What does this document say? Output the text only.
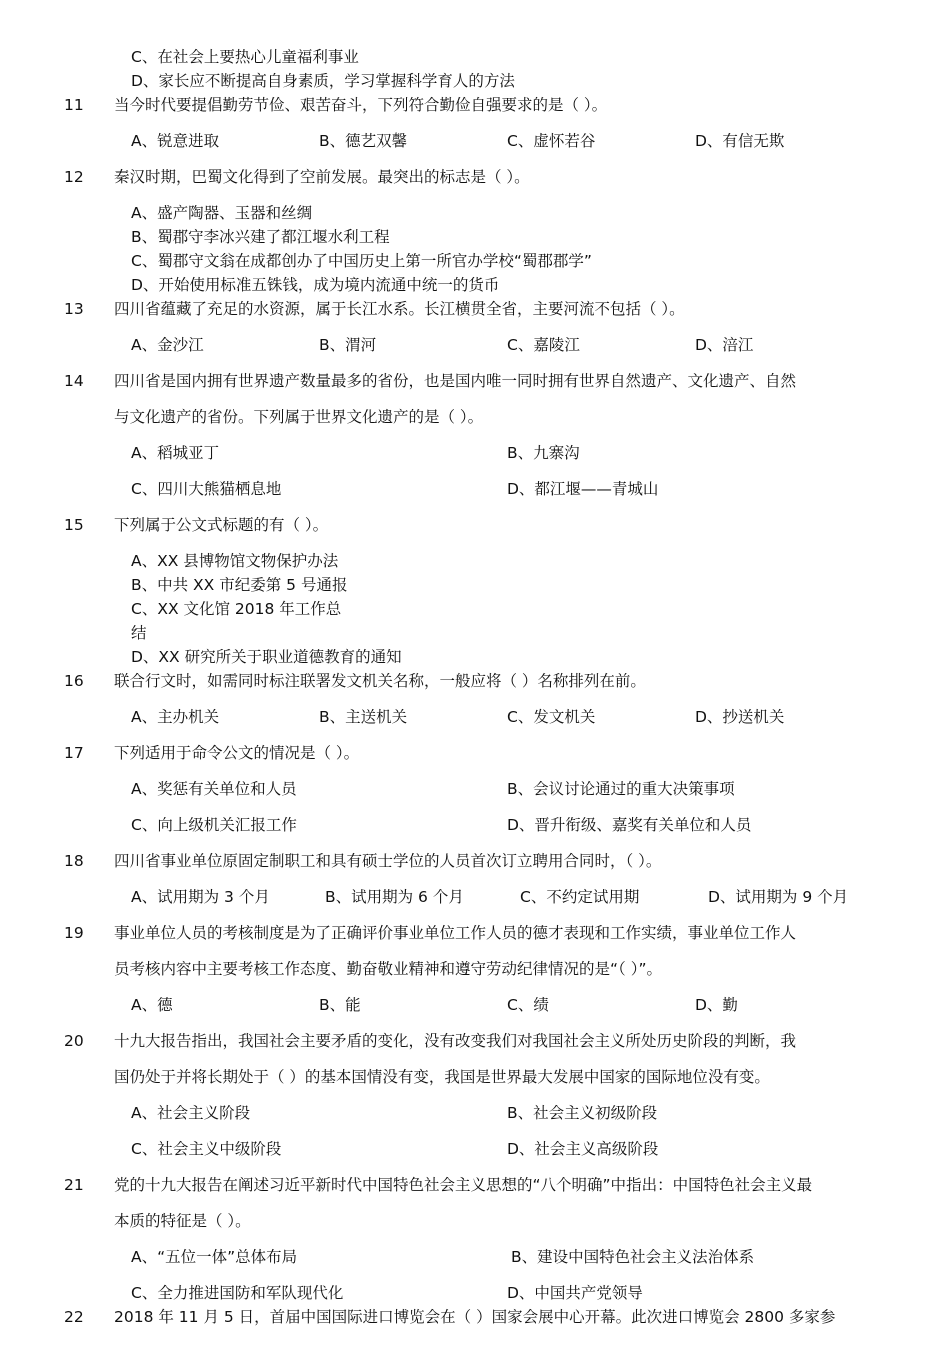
C、在社会上要热心儿童福利事业
D、家长应不断提高自身素质，学习掌握科学育人的方法
11	当今时代要提倡勤劳节俭、艰苦奋斗，下列符合勤俭自强要求的是（ ）。
A、锐意进取	B、德艺双馨	C、虚怀若谷	D、有信无欺
12	秦汉时期，巴蜀文化得到了空前发展。最突出的标志是（ ）。
A、盛产陶器、玉器和丝绸
B、蜀郡守李冰兴建了都江堰水利工程
C、蜀郡守文翁在成都创办了中国历史上第一所官办学校“蜀郡郡学”
D、开始使用标准五铢钱，成为境内流通中统一的货币
13	四川省蕴藏了充足的水资源，属于长江水系。长江横贯全省，主要河流不包括（ ）。
A、金沙江	B、渭河	C、嘉陵江	D、涪江
14	四川省是国内拥有世界遗产数量最多的省份，也是国内唯一同时拥有世界自然遗产、文化遗产、自然
与文化遗产的省份。下列属于世界文化遗产的是（ ）。
A、稻城亚丁	B、九寨沟
C、四川大熊猫栖息地	D、都江堰——青城山
15	下列属于公文式标题的有（ ）。
A、XX 县博物馆文物保护办法
B、中共 XX 市纪委第 5 号通报
C、XX 文化馆 2018 年工作总
结
D、XX 研究所关于职业道德教育的通知
16	联合行文时，如需同时标注联署发文机关名称，一般应将（ ）名称排列在前。
A、主办机关	B、主送机关	C、发文机关	D、抄送机关
17	下列适用于命令公文的情况是（ ）。
A、奖惩有关单位和人员	B、会议讨论通过的重大决策事项
C、向上级机关汇报工作	D、晋升衔级、嘉奖有关单位和人员
18	四川省事业单位原固定制职工和具有硕士学位的人员首次订立聘用合同时，（ ）。
A、试用期为 3 个月	B、试用期为 6 个月	C、不约定试用期	D、试用期为 9 个月
19	事业单位人员的考核制度是为了正确评价事业单位工作人员的德才表现和工作实绩，事业单位工作人
员考核内容中主要考核工作态度、勤奋敬业精神和遵守劳动纪律情况的是“（ ）”。
A、德	B、能	C、绩	D、勤
20	十九大报告指出，我国社会主要矛盾的变化，没有改变我们对我国社会主义所处历史阶段的判断，我
国仍处于并将长期处于（ ）的基本国情没有变，我国是世界最大发展中国家的国际地位没有变。
A、社会主义阶段	B、社会主义初级阶段
C、社会主义中级阶段	D、社会主义高级阶段
21	党的十九大报告在阐述习近平新时代中国特色社会主义思想的“八个明确”中指出：中国特色社会主义最
本质的特征是（ ）。
A、“五位一体”总体布局	B、建设中国特色社会主义法治体系
C、全力推进国防和军队现代化	D、中国共产党领导
22	2018 年 11 月 5 日，首届中国国际进口博览会在（ ）国家会展中心开幕。此次进口博览会 2800 多家参
